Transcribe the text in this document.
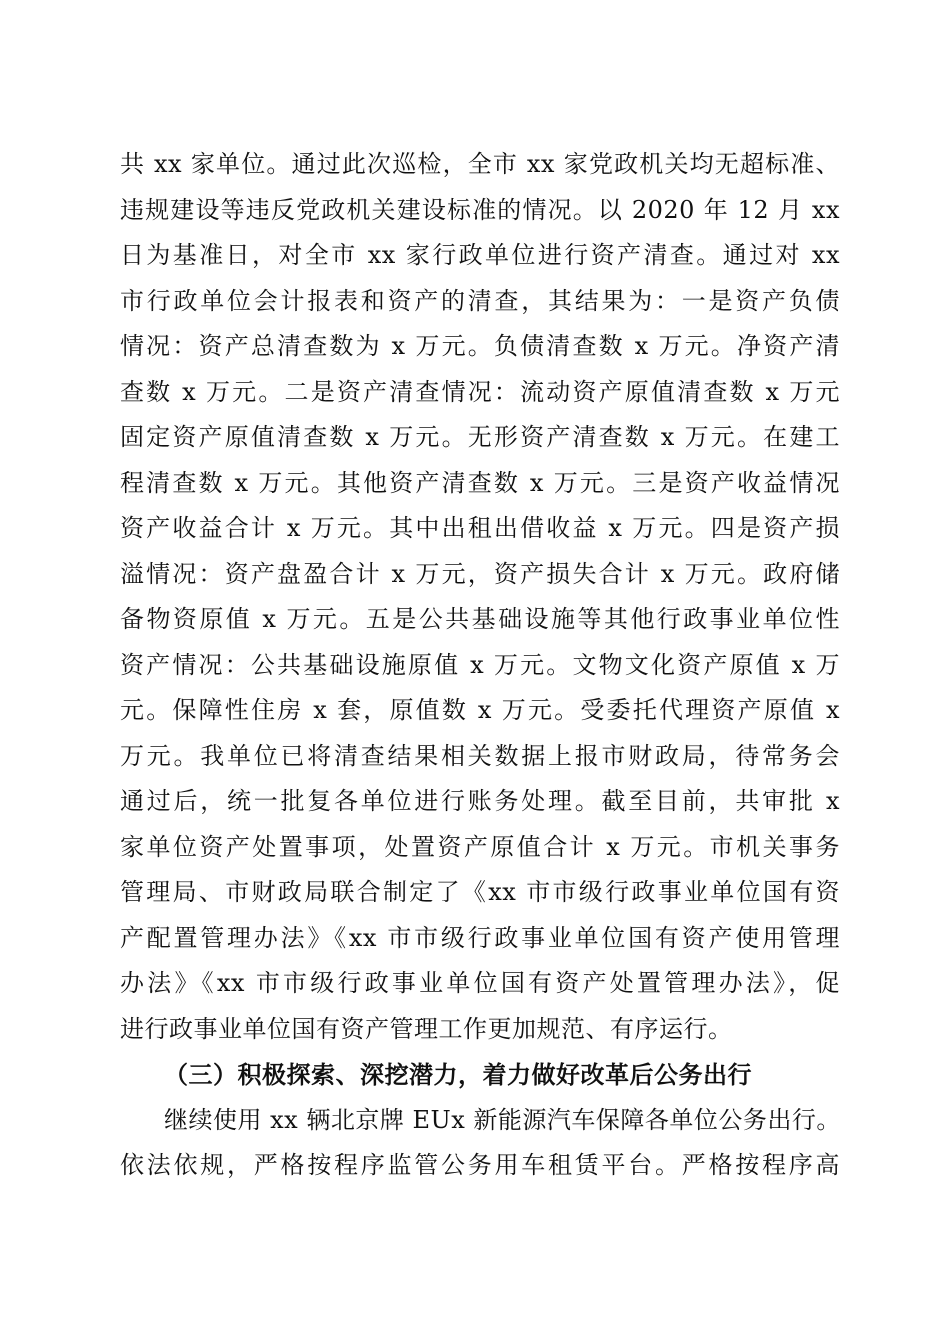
共 xx 家单位。通过此次巡检，全市 xx 家党政机关均无超标准、
违规建设等违反党政机关建设标准的情况。以 2020 年 12 月 xx
日为基准日，对全市 xx 家行政单位进行资产清查。通过对 xx
市行政单位会计报表和资产的清查，其结果为：一是资产负债
情况：资产总清查数为 x 万元。负债清查数 x 万元。净资产清
查数 x 万元。二是资产清查情况：流动资产原值清查数 x 万元
固定资产原值清查数 x 万元。无形资产清查数 x 万元。在建工
程清查数 x 万元。其他资产清查数 x 万元。三是资产收益情况
资产收益合计 x 万元。其中出租出借收益 x 万元。四是资产损
溢情况：资产盘盈合计 x 万元，资产损失合计 x 万元。政府储
备物资原值 x 万元。五是公共基础设施等其他行政事业单位性
资产情况：公共基础设施原值 x 万元。文物文化资产原值 x 万
元。保障性住房 x 套，原值数 x 万元。受委托代理资产原值 x
万元。我单位已将清查结果相关数据上报市财政局，待常务会
通过后，统一批复各单位进行账务处理。截至目前，共审批 x
家单位资产处置事项，处置资产原值合计 x 万元。市机关事务
管理局、市财政局联合制定了《xx 市市级行政事业单位国有资
产配置管理办法》《xx 市市级行政事业单位国有资产使用管理
办法》《xx 市市级行政事业单位国有资产处置管理办法》，促
进行政事业单位国有资产管理工作更加规范、有序运行。
（三）积极探索、深挖潜力，着力做好改革后公务出行
继续使用 xx 辆北京牌 EUx 新能源汽车保障各单位公务出行。
依法依规，严格按程序监管公务用车租赁平台。严格按程序高
